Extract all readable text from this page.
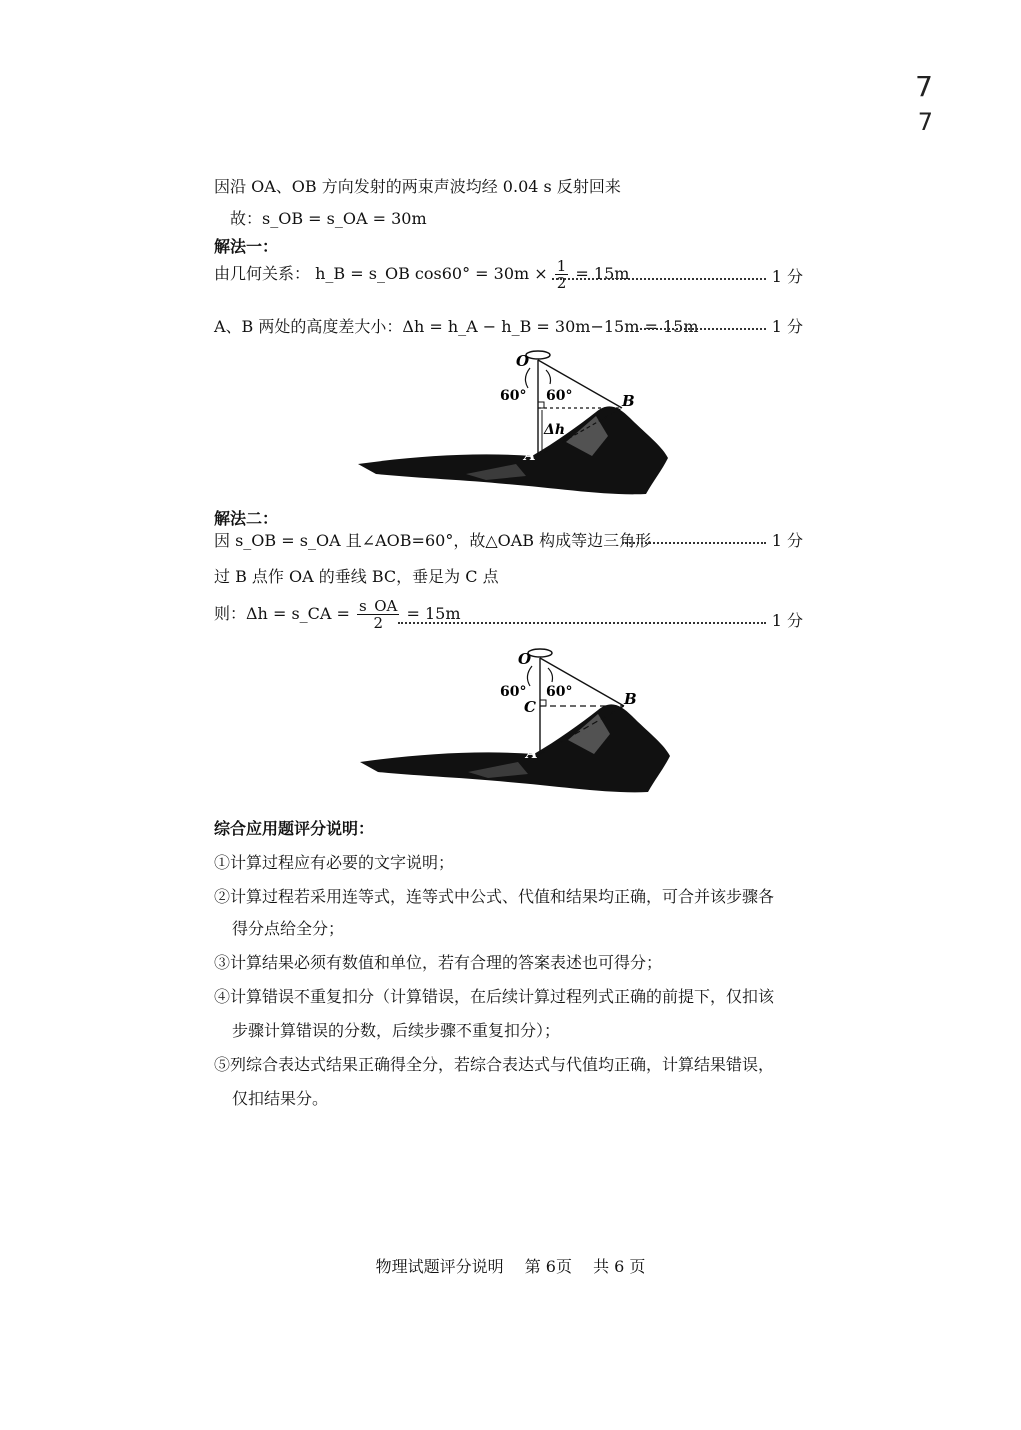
7
7
因沿 OA、OB 方向发射的两束声波均经 0.04 s 反射回来
故：s_OB = s_OA = 30m
解法一：
由几何关系： h_B = s_OB $\cos 60^\circ = 30m \times \frac{1}{2} = 15m$	1 分
A、B 两处的高度差大小：Δh = h_A − h_B = 30m−15m = 15m	1 分
O
60° 60°	B
Δh
A
解法二：
因 s_OB = s_OA 且∠AOB=60°，故△OAB 构成等边三角形	1 分
过 B 点作 OA 的垂线 BC，垂足为 C 点
则：Δh = s_CA = $\frac{s\_OA}{2} = 15m$	1 分
O
60° 60°	B
C
A
综合应用题评分说明：
①计算过程应有必要的文字说明；
②计算过程若采用连等式，连等式中公式、代值和结果均正确，可合并该步骤各
得分点给全分；
③计算结果必须有数值和单位，若有合理的答案表述也可得分；
④计算错误不重复扣分（计算错误，在后续计算过程列式正确的前提下，仅扣该
步骤计算错误的分数，后续步骤不重复扣分）；
⑤列综合表达式结果正确得全分，若综合表达式与代值均正确，计算结果错误，
仅扣结果分。
物理试题评分说明 第 6页 共 6 页
